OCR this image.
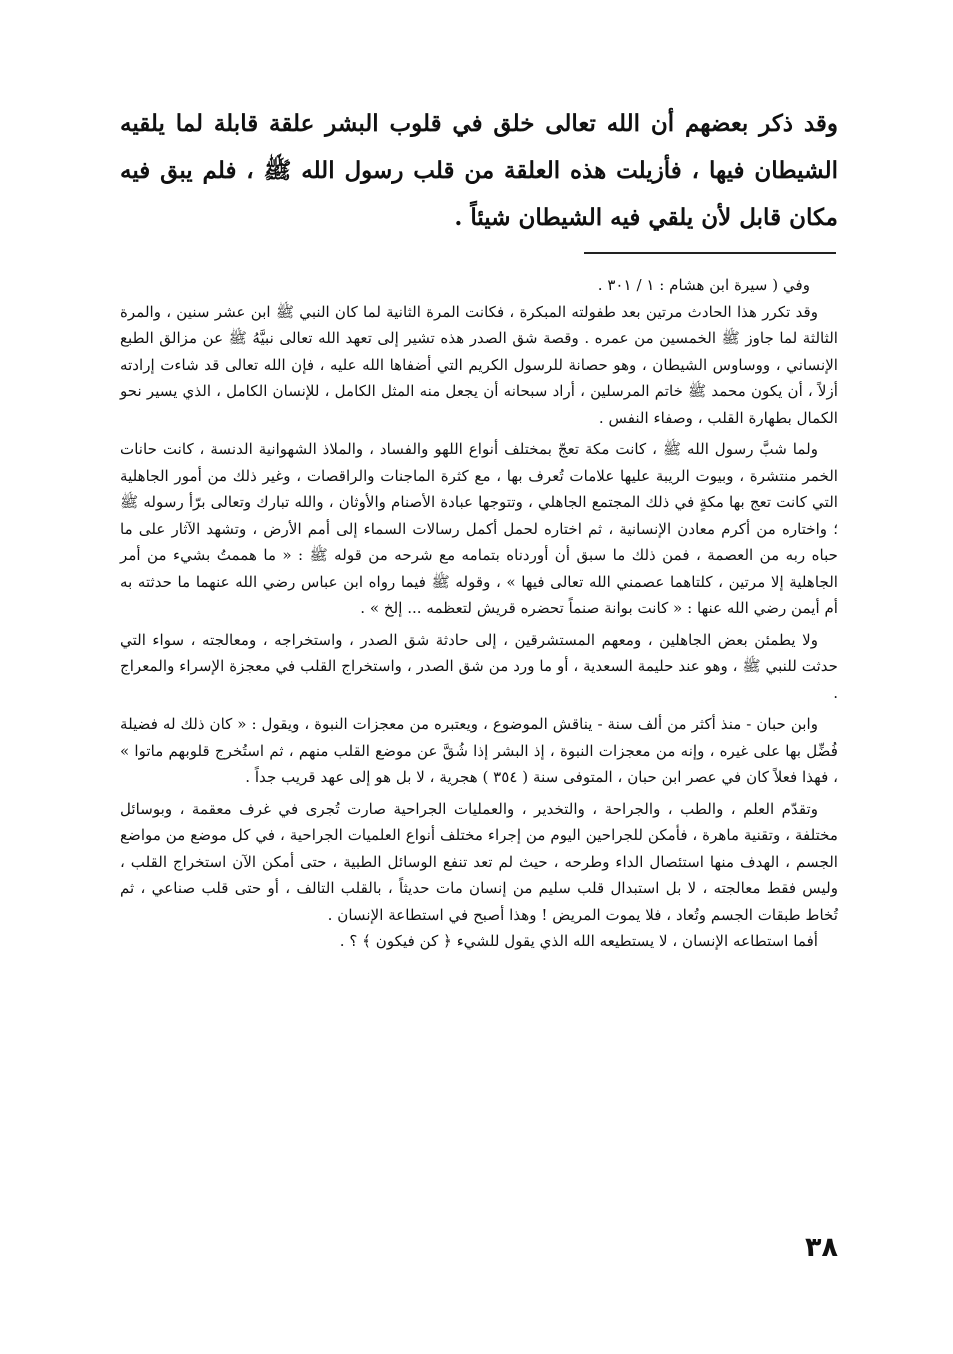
وقد ذكر بعضهم أن الله تعالى خلق في قلوب البشر علقة قابلة لما يلقيه الشيطان فيها ، فأزيلت هذه العلقة من قلب رسول الله ﷺ ، فلم يبق فيه مكان قابل لأن يلقي فيه الشيطان شيئاً .

وفي ( سيرة ابن هشام : ١ / ٣٠١ .

وقد تكرر هذا الحادث مرتين بعد طفولته المبكرة ، فكانت المرة الثانية لما كان النبي ﷺ ابن عشر سنين ، والمرة الثالثة لما جاوز ﷺ الخمسين من عمره . وقصة شق الصدر هذه تشير إلى تعهد الله تعالى نبيَّهُ ﷺ عن مزالق الطبع الإنساني ، ووساوس الشيطان ، وهو حصانة للرسول الكريم التي أضفاها الله عليه ، فإن الله تعالى قد شاءت إرادته أزلاً ، أن يكون محمد ﷺ خاتم المرسلين ، أراد سبحانه أن يجعل منه المثل الكامل ، للإنسان الكامل ، الذي يسير نحو الكمال بطهارة القلب ، وصفاء النفس .

ولما شبَّ رسول الله ﷺ ، كانت مكة تعجّ بمختلف أنواع اللهو والفساد ، والملاذ الشهوانية الدنسة ، كانت حانات الخمر منتشرة ، وبيوت الريبة عليها علامات تُعرف بها ، مع كثرة الماجنات والراقصات ، وغير ذلك من أمور الجاهلية التي كانت تعج بها مكةٍ في ذلك المجتمع الجاهلي ، وتتوجها عبادة الأصنام والأوثان ، والله تبارك وتعالى برّأ رسوله ﷺ ؛ واختاره من أكرم معادن الإنسانية ، ثم اختاره لحمل أكمل رسالات السماء إلى أمم الأرض ، وتشهد الآثار على ما حباه ربه من العصمة ، فمن ذلك ما سبق أن أوردناه بتمامه مع شرحه من قوله ﷺ : « ما هممتُ بشيء من أمر الجاهلية إلا مرتين ، كلتاهما عصمني الله تعالى فيها » ، وقوله ﷺ فيما رواه ابن عباس رضي الله عنهما ما حدثته به أم أيمن رضي الله عنها : « كانت بوانة صنماً تحضره قريش لتعظمه ... إلخ » .

ولا يطمئن بعض الجاهلين ، ومعهم المستشرقين ، إلى حادثة شق الصدر ، واستخراجه ، ومعالجته ، سواء التي حدثت للنبي ﷺ ، وهو عند حليمة السعدية ، أو ما ورد من شق الصدر ، واستخراج القلب في معجزة الإسراء والمعراج .

وابن حبان - منذ أكثر من ألف سنة - يناقش الموضوع ، ويعتبره من معجزات النبوة ، ويقول : « كان ذلك له فضيلة فُضِّل بها على غيره ، وإنه من معجزات النبوة ، إذ البشر إذا شُقَّ عن موضع القلب منهم ، ثم استُخرج قلوبهم ماتوا » ، فهذا فعلاً كان في عصر ابن حبان ، المتوفى سنة ( ٣٥٤ ) هجرية ، لا بل هو إلى عهد قريب جداً .

وتقدّم العلم ، والطب ، والجراحة ، والتخدير ، والعمليات الجراحية صارت تُجرى في غرف معقمة ، وبوسائل مختلفة ، وتقنية ماهرة ، فأمكن للجراحين اليوم من إجراء مختلف أنواع العلميات الجراحية ، في كل موضع من مواضع الجسم ، الهدف منها استئصال الداء وطرحه ، حيث لم تعد تنفع الوسائل الطبية ، حتى أمكن الآن استخراج القلب ، وليس فقط معالجته ، لا بل استبدال قلب سليم من إنسان مات حديثاً ، بالقلب التالف ، أو حتى قلب صناعي ، ثم تُخاط طبقات الجسم وتُعاد ، فلا يموت المريض ! وهذا أصبح في استطاعة الإنسان .

أفما استطاعه الإنسان ، لا يستطيعه الله الذي يقول للشيء ﴿ كن فيكون ﴾ ؟ .

٣٨
